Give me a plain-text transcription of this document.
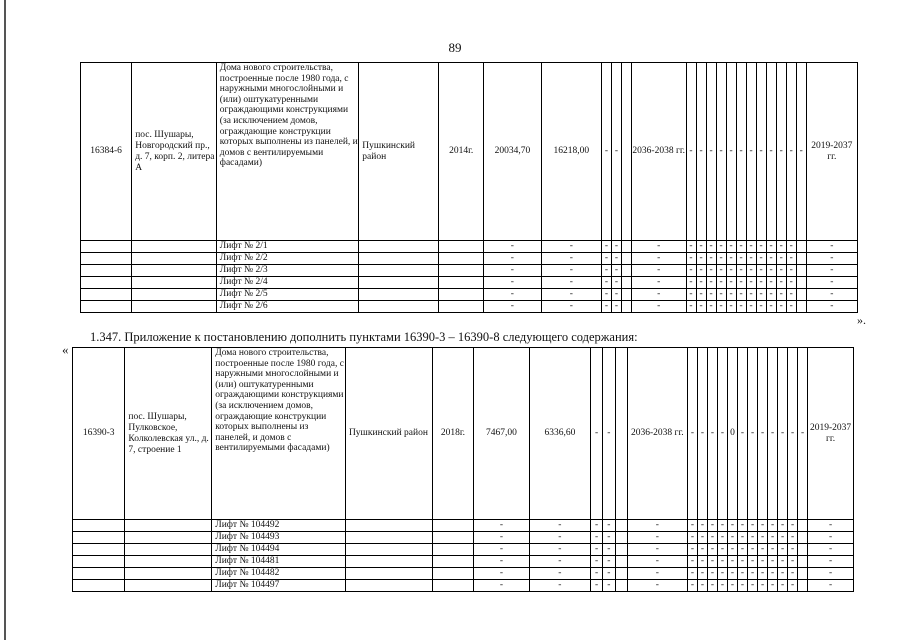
89
16384-6	пос. Шушары, Новгородский пр., д. 7, корп. 2, литера А	Дома нового строительства, построенные после 1980 года, с наружными многослойными и (или) оштукатуренными ограждающими конструкциями (за исключением домов, ограждающие конструкции которых выполнены из панелей, и домов с вентилируемыми фасадами)	Пушкинский район	2014г.	20034,70	16218,00	-	-		2036-2038 гг.	-	-	-	-	-	-	-	-	-	-	-	-	2019-2037 гг.
		Лифт № 2/1			-	-	-	-		-	-	-	-	-	-	-	-	-	-	-	-		-
		Лифт № 2/2			-	-	-	-		-	-	-	-	-	-	-	-	-	-	-	-		-
		Лифт № 2/3			-	-	-	-		-	-	-	-	-	-	-	-	-	-	-	-		-
		Лифт № 2/4			-	-	-	-		-	-	-	-	-	-	-	-	-	-	-	-		-
		Лифт № 2/5			-	-	-	-		-	-	-	-	-	-	-	-	-	-	-	-		-
		Лифт № 2/6			-	-	-	-		-	-	-	-	-	-	-	-	-	-	-	-		-
».
1.347. Приложение к постановлению дополнить пунктами 16390-3 – 16390-8 следующего содержания:
«
16390-3	пос. Шушары, Пулковское, Колколевская ул., д. 7, строение 1	Дома нового строительства, построенные после 1980 года, с наружными многослойными и (или) оштукатуренными ограждающими конструкциями (за исключением домов, ограждающие конструкции которых выполнены из панелей, и домов с вентилируемыми фасадами)	Пушкинский район	2018г.	7467,00	6336,60	-	-		2036-2038 гг.	-	-	-	-	0	-	-	-	-	-	-	-	2019-2037 гг.
		Лифт № 104492			-	-	-	-		-	-	-	-	-	-	-	-	-	-	-	-		-
		Лифт № 104493			-	-	-	-		-	-	-	-	-	-	-	-	-	-	-	-		-
		Лифт № 104494			-	-	-	-		-	-	-	-	-	-	-	-	-	-	-	-		-
		Лифт № 104481			-	-	-	-		-	-	-	-	-	-	-	-	-	-	-	-		-
		Лифт № 104482			-	-	-	-		-	-	-	-	-	-	-	-	-	-	-	-		-
		Лифт № 104497			-	-	-	-		-	-	-	-	-	-	-	-	-	-	-	-		-
